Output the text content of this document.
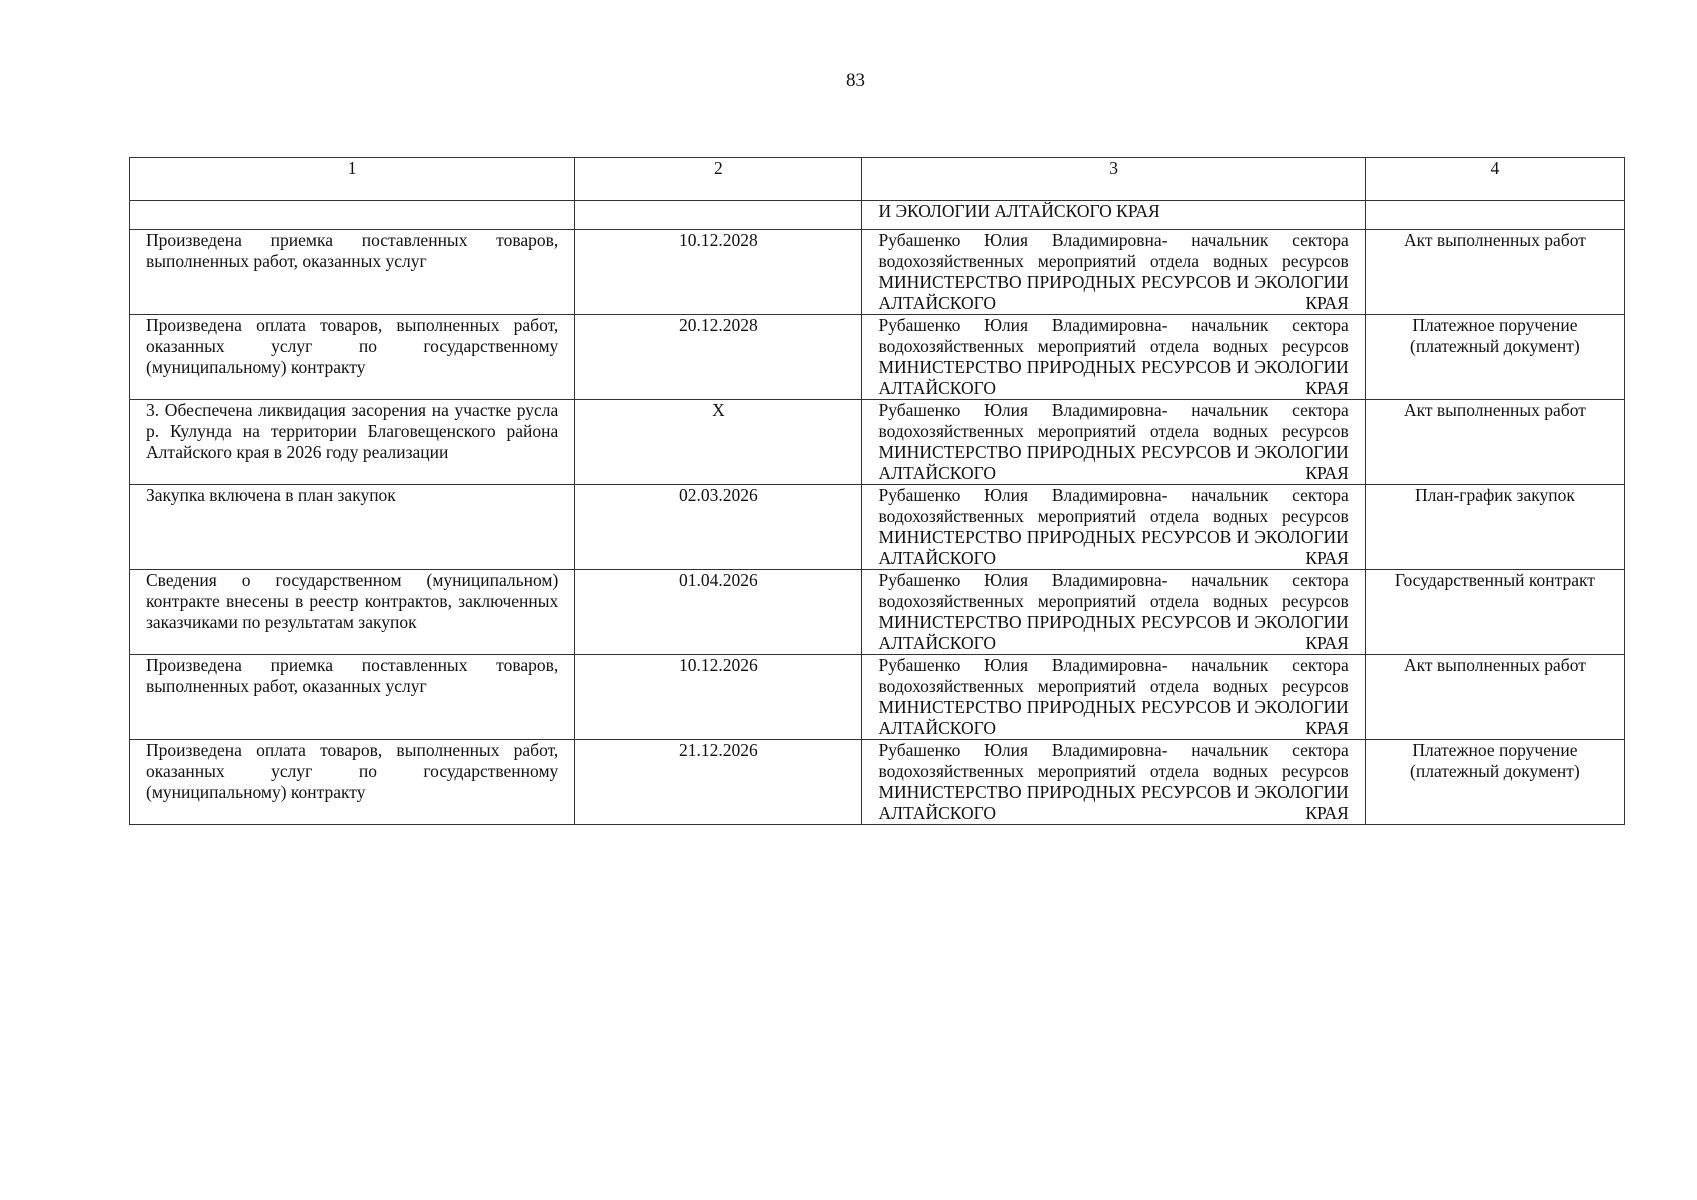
83
1	2	3	4
		И ЭКОЛОГИИ АЛТАЙСКОГО КРАЯ	
Произведена приемка поставленных товаров, выполненных работ, оказанных услуг	10.12.2028	Рубашенко Юлия Владимировна- начальник сектора водохозяйственных мероприятий отдела водных ресурсов МИНИСТЕРСТВО ПРИРОДНЫХ РЕСУРСОВ И ЭКОЛОГИИ АЛТАЙСКОГО КРАЯ	Акт выполненных работ
Произведена оплата товаров, выполненных работ, оказанных услуг по государственному (муниципальному) контракту	20.12.2028	Рубашенко Юлия Владимировна- начальник сектора водохозяйственных мероприятий отдела водных ресурсов МИНИСТЕРСТВО ПРИРОДНЫХ РЕСУРСОВ И ЭКОЛОГИИ АЛТАЙСКОГО КРАЯ	Платежное поручение (платежный документ)
3. Обеспечена ликвидация засорения на участке русла р. Кулунда на территории Благовещенского района Алтайского края в 2026 году реализации	X	Рубашенко Юлия Владимировна- начальник сектора водохозяйственных мероприятий отдела водных ресурсов МИНИСТЕРСТВО ПРИРОДНЫХ РЕСУРСОВ И ЭКОЛОГИИ АЛТАЙСКОГО КРАЯ	Акт выполненных работ
Закупка включена в план закупок	02.03.2026	Рубашенко Юлия Владимировна- начальник сектора водохозяйственных мероприятий отдела водных ресурсов МИНИСТЕРСТВО ПРИРОДНЫХ РЕСУРСОВ И ЭКОЛОГИИ АЛТАЙСКОГО КРАЯ	План-график закупок
Сведения о государственном (муниципальном) контракте внесены в реестр контрактов, заключенных заказчиками по результатам закупок	01.04.2026	Рубашенко Юлия Владимировна- начальник сектора водохозяйственных мероприятий отдела водных ресурсов МИНИСТЕРСТВО ПРИРОДНЫХ РЕСУРСОВ И ЭКОЛОГИИ АЛТАЙСКОГО КРАЯ	Государственный контракт
Произведена приемка поставленных товаров, выполненных работ, оказанных услуг	10.12.2026	Рубашенко Юлия Владимировна- начальник сектора водохозяйственных мероприятий отдела водных ресурсов МИНИСТЕРСТВО ПРИРОДНЫХ РЕСУРСОВ И ЭКОЛОГИИ АЛТАЙСКОГО КРАЯ	Акт выполненных работ
Произведена оплата товаров, выполненных работ, оказанных услуг по государственному (муниципальному) контракту	21.12.2026	Рубашенко Юлия Владимировна- начальник сектора водохозяйственных мероприятий отдела водных ресурсов МИНИСТЕРСТВО ПРИРОДНЫХ РЕСУРСОВ И ЭКОЛОГИИ АЛТАЙСКОГО КРАЯ	Платежное поручение (платежный документ)
